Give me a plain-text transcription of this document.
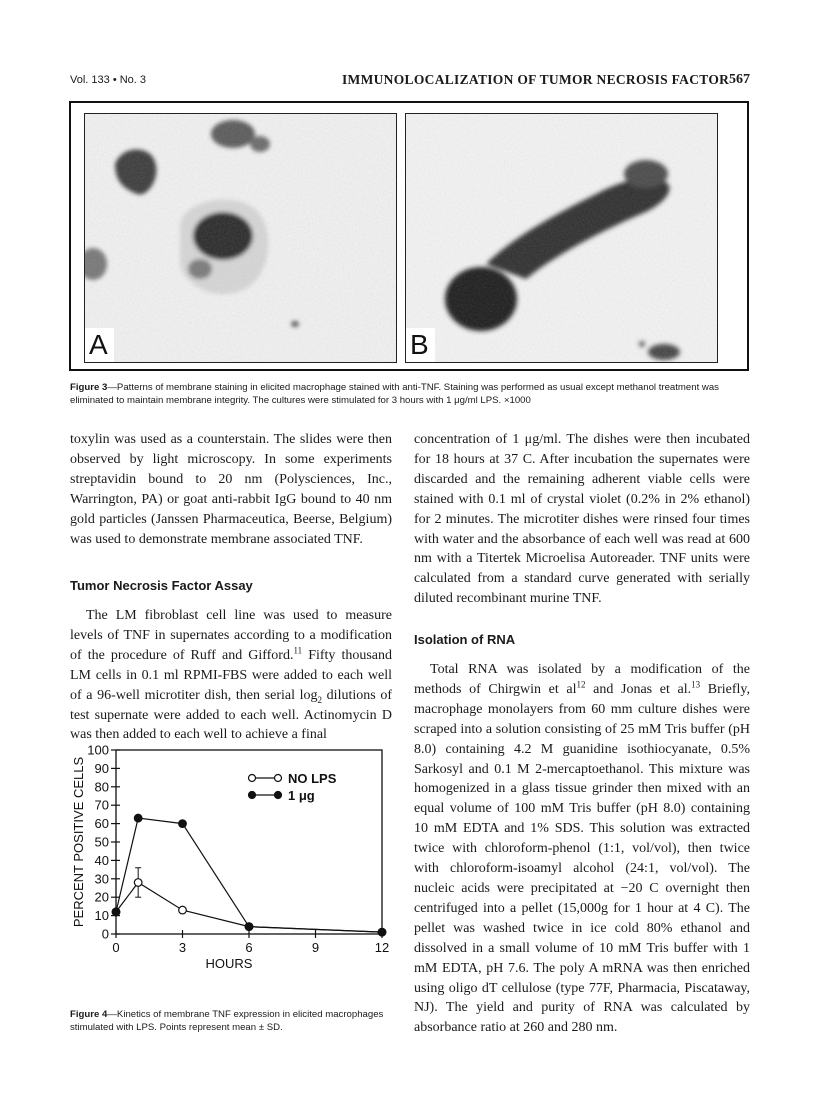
Vol. 133 • No. 3	IMMUNOLOCALIZATION OF TUMOR NECROSIS FACTOR 567
A	B
Figure 3—Patterns of membrane staining in elicited macrophage stained with anti-TNF. Staining was performed as usual except methanol treatment was eliminated to maintain membrane integrity. The cultures were stimulated for 3 hours with 1 μg/ml LPS. ×1000

toxylin was used as a counterstain. The slides were then observed by light microscopy. In some experiments streptavidin bound to 20 nm (Polysciences, Inc., Warrington, PA) or goat anti-rabbit IgG bound to 40 nm gold particles (Janssen Pharmaceutica, Beerse, Belgium) was used to demonstrate membrane associated TNF.

Tumor Necrosis Factor Assay

The LM fibroblast cell line was used to measure levels of TNF in supernates according to a modification of the procedure of Ruff and Gifford.$^{11}$ Fifty thousand LM cells in 0.1 ml RPMI-FBS were added to each well of a 96-well microtiter dish, then serial $\log_2$ dilutions of test supernate were added to each well. Actinomycin D was then added to each well to achieve a final

concentration of 1 μg/ml. The dishes were then incubated for 18 hours at 37 C. After incubation the supernates were discarded and the remaining adherent viable cells were stained with 0.1 ml of crystal violet (0.2% in 2% ethanol) for 2 minutes. The microtiter dishes were rinsed four times with water and the absorbance of each well was read at 600 nm with a Titertek Microelisa Autoreader. TNF units were calculated from a standard curve generated with serially diluted recombinant murine TNF.

Isolation of RNA

Total RNA was isolated by a modification of the methods of Chirgwin et $al^{12}$ and Jonas et al.$^{13}$ Briefly, macrophage monolayers from 60 mm culture dishes were scraped into a solution consisting of 25 mM Tris buffer (pH 8.0) containing 4.2 M guanidine isothiocyanate, 0.5% Sarkosyl and 0.1 M 2-mercaptoethanol. This mixture was homogenized in a glass tissue grinder then mixed with an equal volume of 100 mM Tris buffer (pH 8.0) containing 10 mM EDTA and 1% SDS. This solution was extracted twice with chloroform-phenol (1:1, vol/vol), then twice with chloroform-isoamyl alcohol (24:1, vol/vol). The nucleic acids were precipitated at −20 C overnight then centrifuged into a pellet (15,000g for 1 hour at 4 C). The pellet was washed twice in ice cold 80% ethanol and dissolved in a small volume of 10 mM Tris buffer with 1 mM EDTA, pH 7.6. The poly A mRNA was then enriched using oligo dT cellulose (type 77F, Pharmacia, Piscataway, NJ). The yield and purity of RNA was calculated by absorbance ratio at 260 and 280 nm.

0
10
20
30
40
50
60
70
80
90
100
0	3	6	9	12
HOURS
PERCENT POSITIVE CELLS	NO LPS
1 μg
Figure 4—Kinetics of membrane TNF expression in elicited macrophages stimulated with LPS. Points represent mean ± SD.
